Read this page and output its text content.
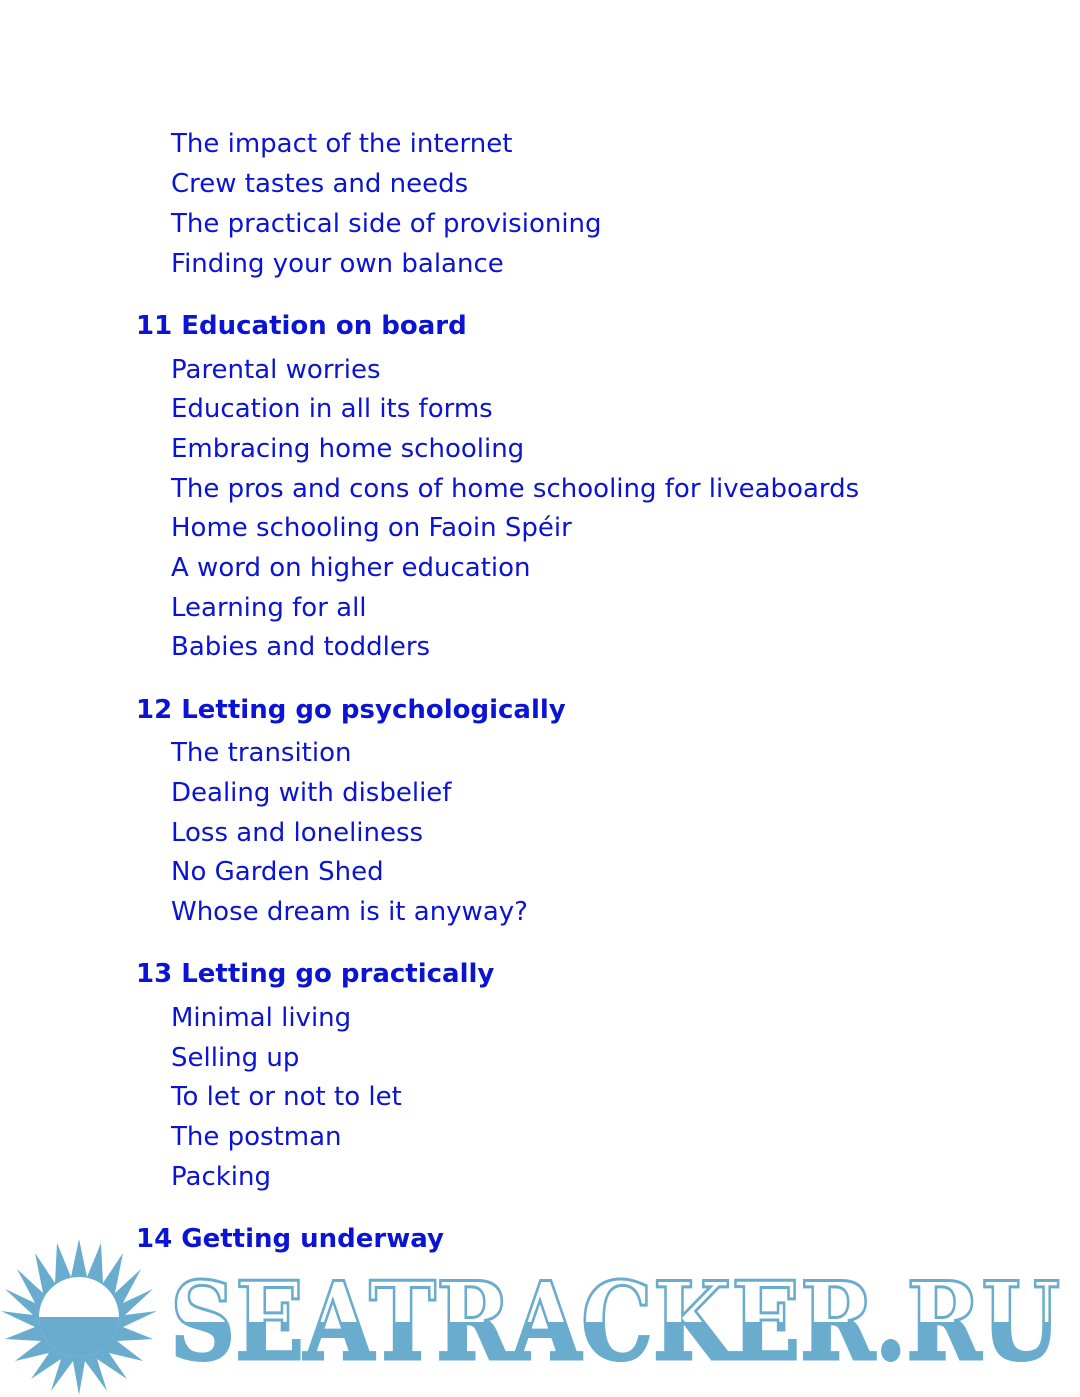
The impact of the internet
Crew tastes and needs
The practical side of provisioning
Finding your own balance
11 Education on board
Parental worries
Education in all its forms
Embracing home schooling
The pros and cons of home schooling for liveaboards
Home schooling on Faoin Spéir
A word on higher education
Learning for all
Babies and toddlers
12 Letting go psychologically
The transition
Dealing with disbelief
Loss and loneliness
No Garden Shed
Whose dream is it anyway?
13 Letting go practically
Minimal living
Selling up
To let or not to let
The postman
Packing
14 Getting underway
SEATRACKER.RU
